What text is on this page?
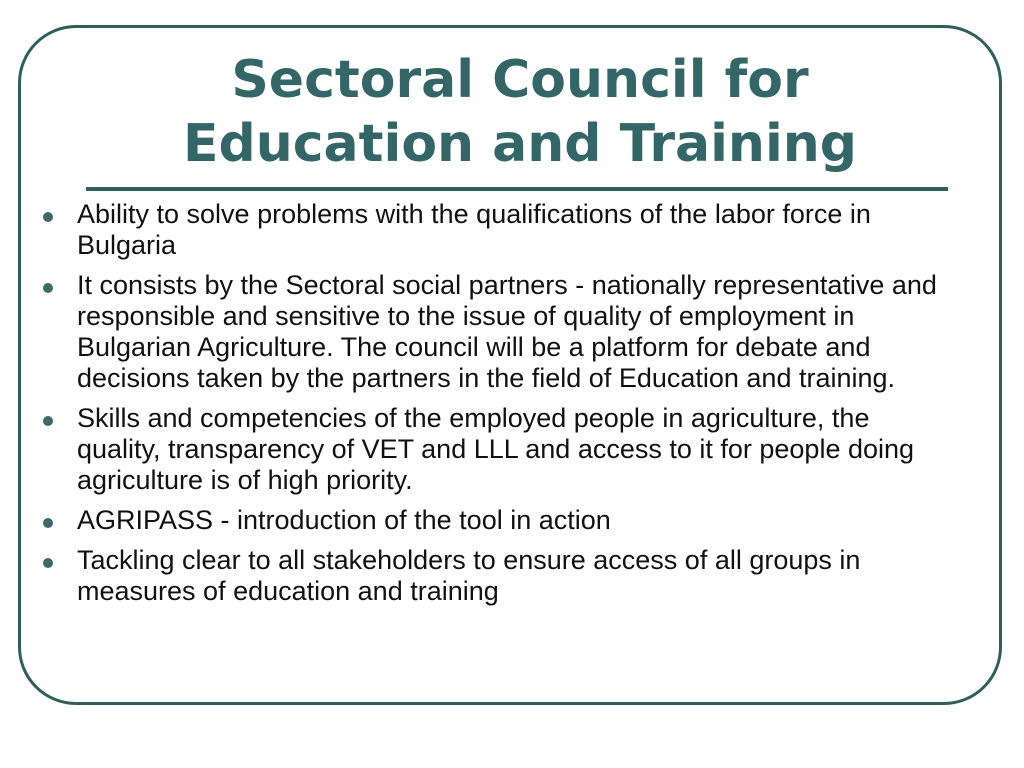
Sectoral Council for
Education and Training
Ability to solve problems with the qualifications of the labor force in Bulgaria
It consists by the Sectoral social partners - nationally representative and responsible and sensitive to the issue of quality of employment in Bulgarian Agriculture. The council will be a platform for debate and decisions taken by the partners in the field of Education and training.
Skills and competencies of the employed people in agriculture, the quality, transparency of VET and LLL and access to it for people doing agriculture is of high priority.
AGRIPASS - introduction of the tool in action
Tackling clear to all stakeholders to ensure access of all groups in measures of education and training
